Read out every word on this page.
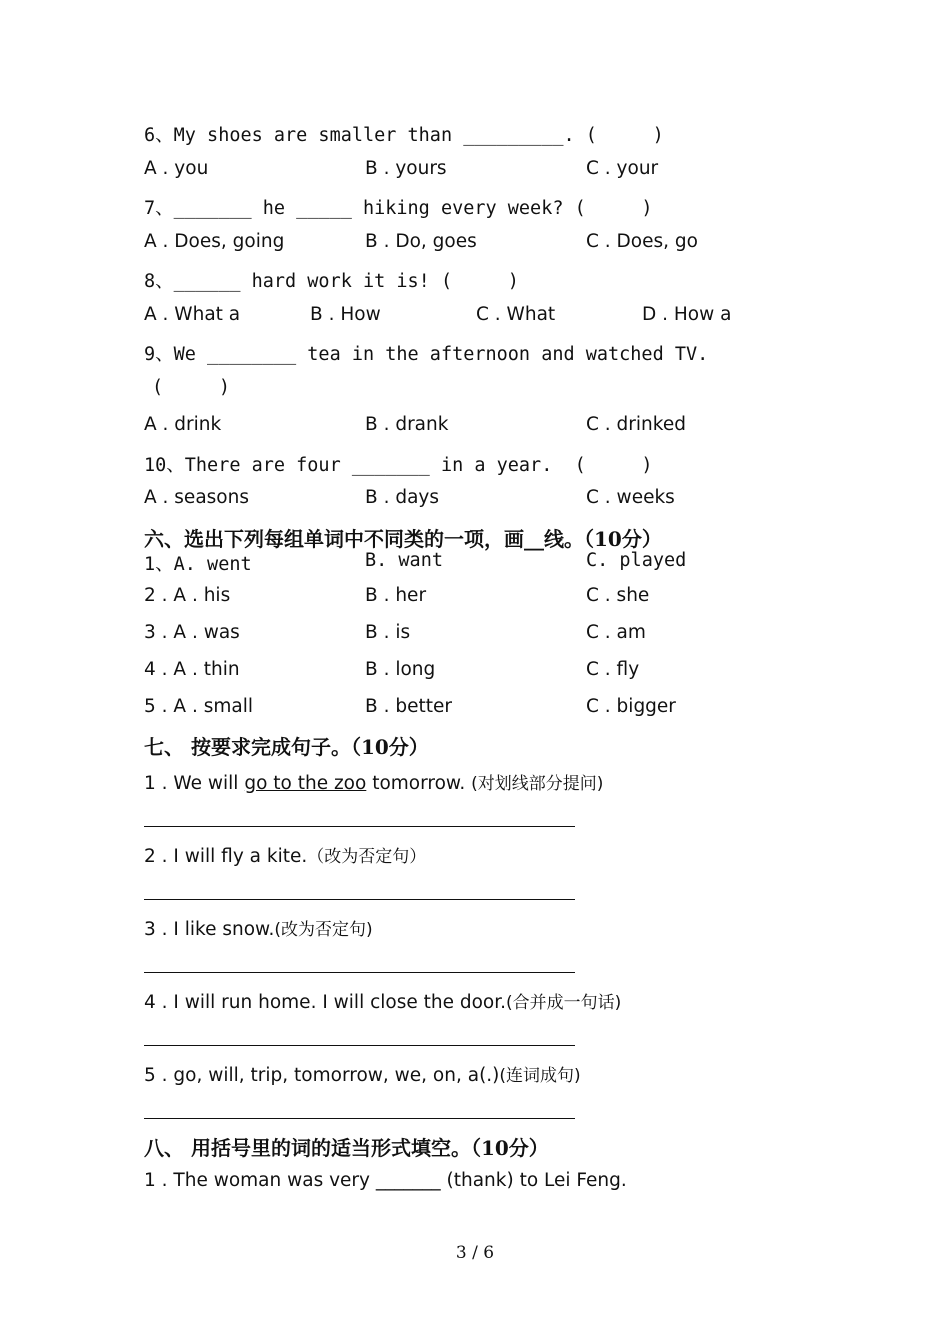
6、My shoes are smaller than _________. (     )
A . you	B . yours	C . your
7、_______ he _____ hiking every week? (     )
A . Does, going	B . Do, goes	C . Does, go
8、______ hard work it is! (     )
A . What a	B . How	C . What	D . How a
9、We ________ tea in the afternoon and watched TV.
(     )
A . drink	B . drank	C . drinked
10、There are four _______ in a year.  (     )
A . seasons	B . days	C . weeks
六、选出下列每组单词中不同类的一项，画__线。（10分）
1、A. went	B. want	C. played
2 . A . his	B . her	C . she
3 . A . was	B . is	C . am
4 . A . thin	B . long	C . fly
5 . A . small	B . better	C . bigger
七、 按要求完成句子。（10分）
1 . We will go to the zoo tomorrow. (对划线部分提问)
2 . I will fly a kite.（改为否定句）
3 . I like snow.(改为否定句)
4 . I will run home. I will close the door.(合并成一句话)
5 . go, will, trip, tomorrow, we, on, a(.)(连词成句)
八、 用括号里的词的适当形式填空。（10分）
1 . The woman was very _______ (thank) to Lei Feng.
3 / 6
